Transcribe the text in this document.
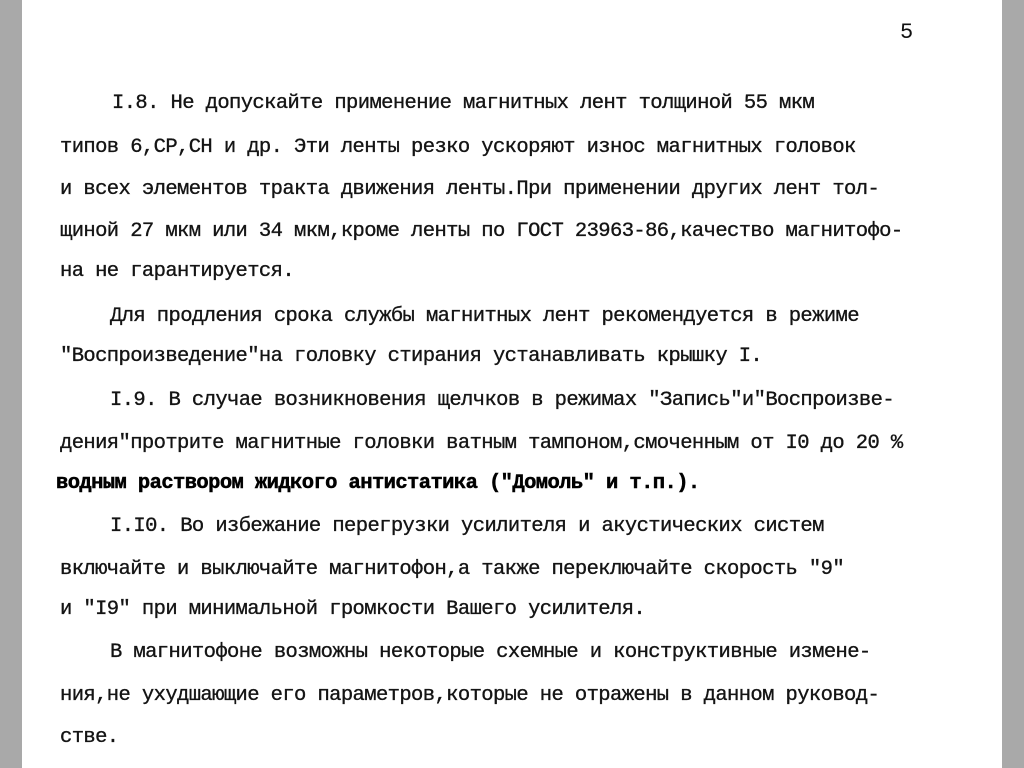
5
I.8. Не допускайте применение магнитных лент толщиной 55 мкм
типов 6,СР,СН и др. Эти ленты резко ускоряют износ магнитных головок
и всех элементов тракта движения ленты.При применении других лент тол-
щиной 27 мкм или 34 мкм,кроме ленты по ГОСТ 23963-86,качество магнитофо-
на не гарантируется.
Для продления срока службы магнитных лент рекомендуется в режиме
"Воспроизведение"на головку стирания устанавливать крышку I.
I.9. В случае возникновения щелчков в режимах "Запись"и"Воспроизве-
дения"протрите магнитные головки ватным тампоном,смоченным от I0 до 20 %
водным раствором жидкого антистатика ("Домоль" и т.п.).
I.I0. Во избежание перегрузки усилителя и акустических систем
включайте и выключайте магнитофон,а также переключайте скорость "9"
и "I9" при минимальной громкости Вашего усилителя.
В магнитофоне возможны некоторые схемные и конструктивные измене-
ния,не ухудшающие его параметров,которые не отражены в данном руковод-
стве.
